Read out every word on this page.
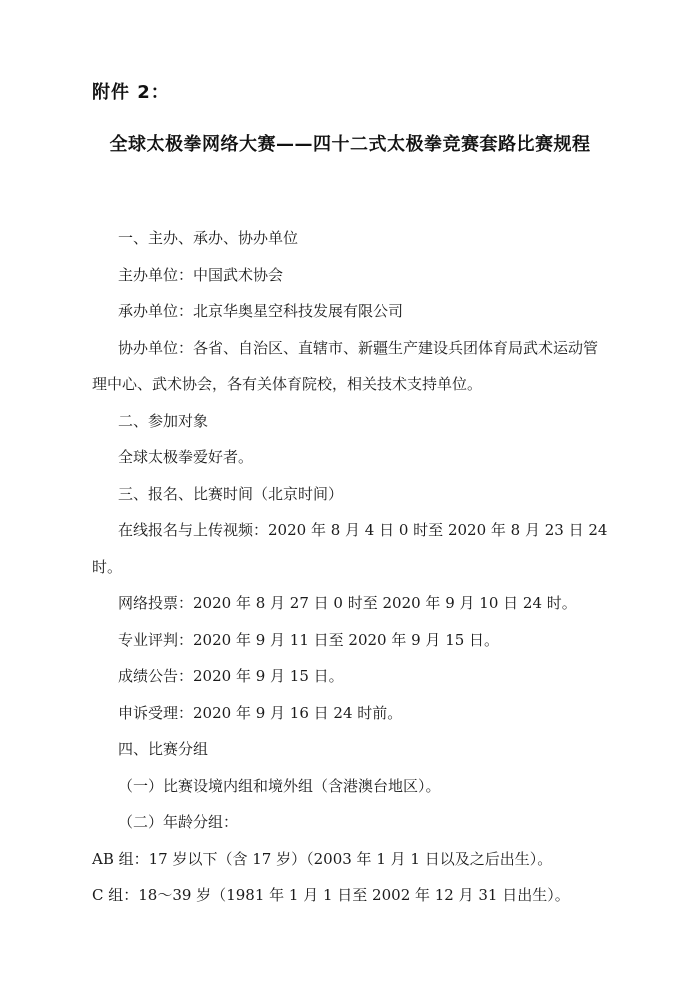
附件 2：
全球太极拳网络大赛——四十二式太极拳竞赛套路比赛规程

一、主办、承办、协办单位

主办单位：中国武术协会

承办单位：北京华奥星空科技发展有限公司

协办单位：各省、自治区、直辖市、新疆生产建设兵团体育局武术运动管理中心、武术协会，各有关体育院校，相关技术支持单位。

二、参加对象

全球太极拳爱好者。

三、报名、比赛时间（北京时间）

在线报名与上传视频：2020 年 8 月 4 日 0 时至 2020 年 8 月 23 日 24 时。

网络投票：2020 年 8 月 27 日 0 时至 2020 年 9 月 10 日 24 时。

专业评判：2020 年 9 月 11 日至 2020 年 9 月 15 日。

成绩公告：2020 年 9 月 15 日。

申诉受理：2020 年 9 月 16 日 24 时前。

四、比赛分组

（一）比赛设境内组和境外组（含港澳台地区）。

（二）年龄分组：

AB 组：17 岁以下（含 17 岁）（2003 年 1 月 1 日以及之后出生）。

C 组：18～39 岁（1981 年 1 月 1 日至 2002 年 12 月 31 日出生）。
